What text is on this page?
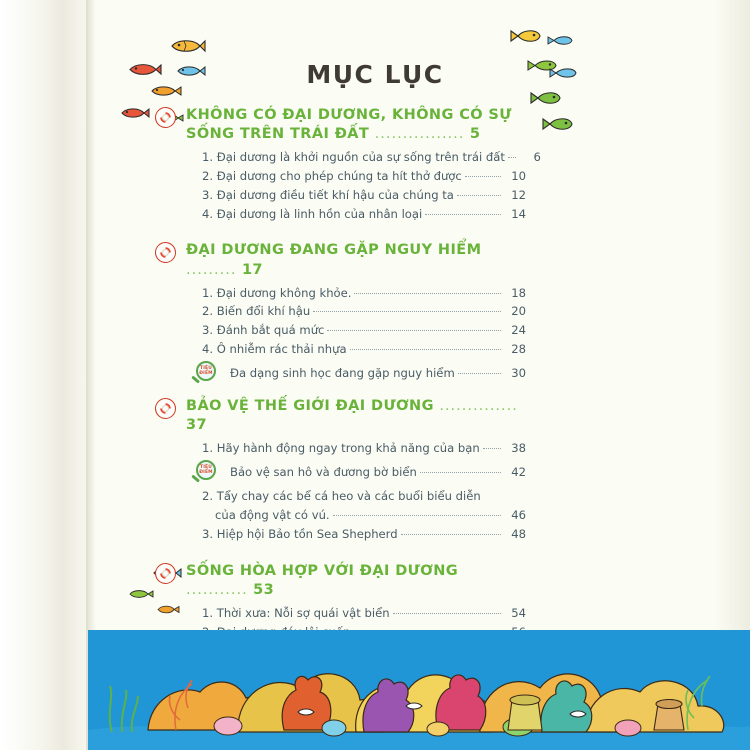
MỤC LỤC
KHÔNG CÓ ĐẠI DƯƠNG, KHÔNG CÓ SỰ SỐNG TRÊN TRÁI ĐẤT ................ 5
1. Đại dương là khởi nguồn của sự sống trên trái đất	6
2. Đại dương cho phép chúng ta hít thở được	10
3. Đại dương điều tiết khí hậu của chúng ta	12
4. Đại dương là linh hồn của nhân loại	14
ĐẠI DƯƠNG ĐANG GẶP NGUY HIỂM ......... 17
1. Đại dương không khỏe.	18
2. Biến đổi khí hậu	20
3. Đánh bắt quá mức	24
4. Ô nhiễm rác thải nhựa	28
TIÊU ĐIỂM Đa dạng sinh học đang gặp nguy hiểm	30
BẢO VỆ THẾ GIỚI ĐẠI DƯƠNG .............. 37
1. Hãy hành động ngay trong khả năng của bạn	38
TIÊU ĐIỂM Bảo vệ san hô và đương bờ biển	42
2. Tẩy chay các bể cá heo và các buổi biểu diễn
của động vật có vú.	46
3. Hiệp hội Bảo tồn Sea Shepherd	48
SỐNG HÒA HỢP VỚI ĐẠI DƯƠNG ........... 53
1. Thời xưa: Nỗi sợ quái vật biển	54
